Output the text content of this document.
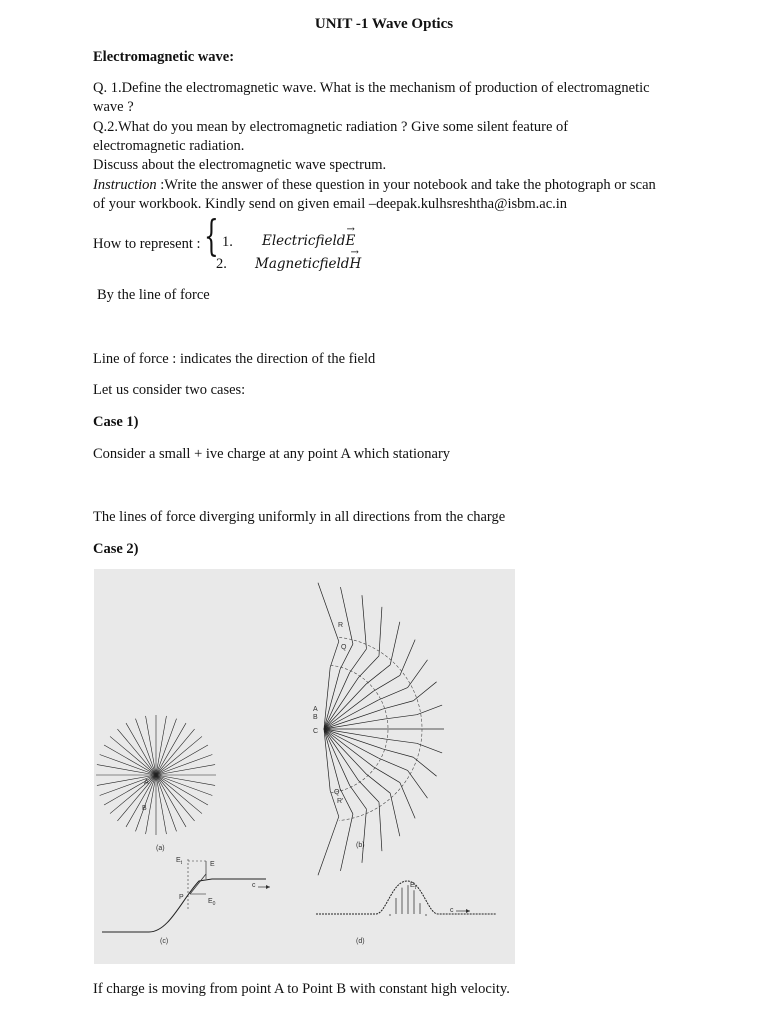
UNIT -1 Wave Optics
Electromagnetic wave:
Q. 1.Define the electromagnetic wave. What is the mechanism of production of electromagnetic
wave ?
Q.2.What do you mean by electromagnetic radiation ? Give some silent feature of
electromagnetic radiation.
Discuss about the electromagnetic wave spectrum.
Instruction :Write the answer of these question in your notebook and take the photograph or scan
of your workbook. Kindly send on given email –deepak.kulhsreshtha@isbm.ac.in
How to represent : { 1. Electricfield
→
E
2. Magneticfield
→
H
By the line of force
Line of force : indicates the direction of the field
Let us consider two cases:
Case 1)
Consider a small + ive charge at any point A which stationary
The lines of force diverging uniformly in all directions from the charge
Case 2)
(a)	(b)
(c)	(d)
A
B
R
Q
A
B
C
Q'
R'
$E_t$	E
P
$E_0$
c	$E_t$
c
If charge is moving from point A to Point B with constant high velocity.
